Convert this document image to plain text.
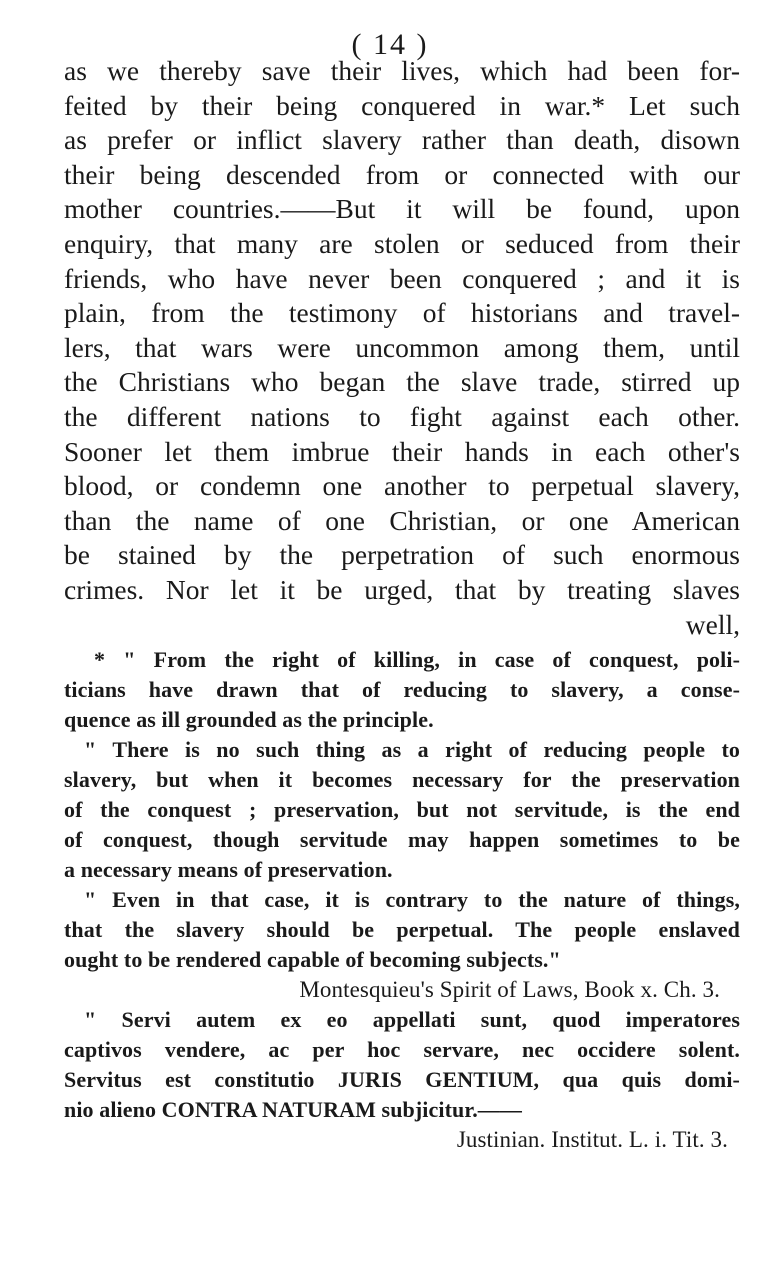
( 14 )
as we thereby save their lives, which had been for-
feited by their being conquered in war.* Let such
as prefer or inflict slavery rather than death, disown
their being descended from or connected with our
mother countries.——But it will be found, upon
enquiry, that many are stolen or seduced from their
friends, who have never been conquered ; and it is
plain, from the testimony of historians and travel-
lers, that wars were uncommon among them, until
the Christians who began the slave trade, stirred up
the different nations to fight against each other.
Sooner let them imbrue their hands in each other's
blood, or condemn one another to perpetual slavery,
than the name of one Christian, or one American
be stained by the perpetration of such enormous
crimes. Nor let it be urged, that by treating slaves
well,
* " From the right of killing, in case of conquest, poli-
ticians have drawn that of reducing to slavery, a conse-
quence as ill grounded as the principle.
" There is no such thing as a right of reducing people to
slavery, but when it becomes necessary for the preservation
of the conquest ; preservation, but not servitude, is the end
of conquest, though servitude may happen sometimes to be
a necessary means of preservation.
" Even in that case, it is contrary to the nature of things,
that the slavery should be perpetual. The people enslaved
ought to be rendered capable of becoming subjects."
Montesquieu's Spirit of Laws, Book x. Ch. 3.
" Servi autem ex eo appellati sunt, quod imperatores
captivos vendere, ac per hoc servare, nec occidere solent.
Servitus est constitutio JURIS GENTIUM, qua quis domi-
nio alieno CONTRA NATURAM subjicitur.——
Justinian. Institut. L. i. Tit. 3.
